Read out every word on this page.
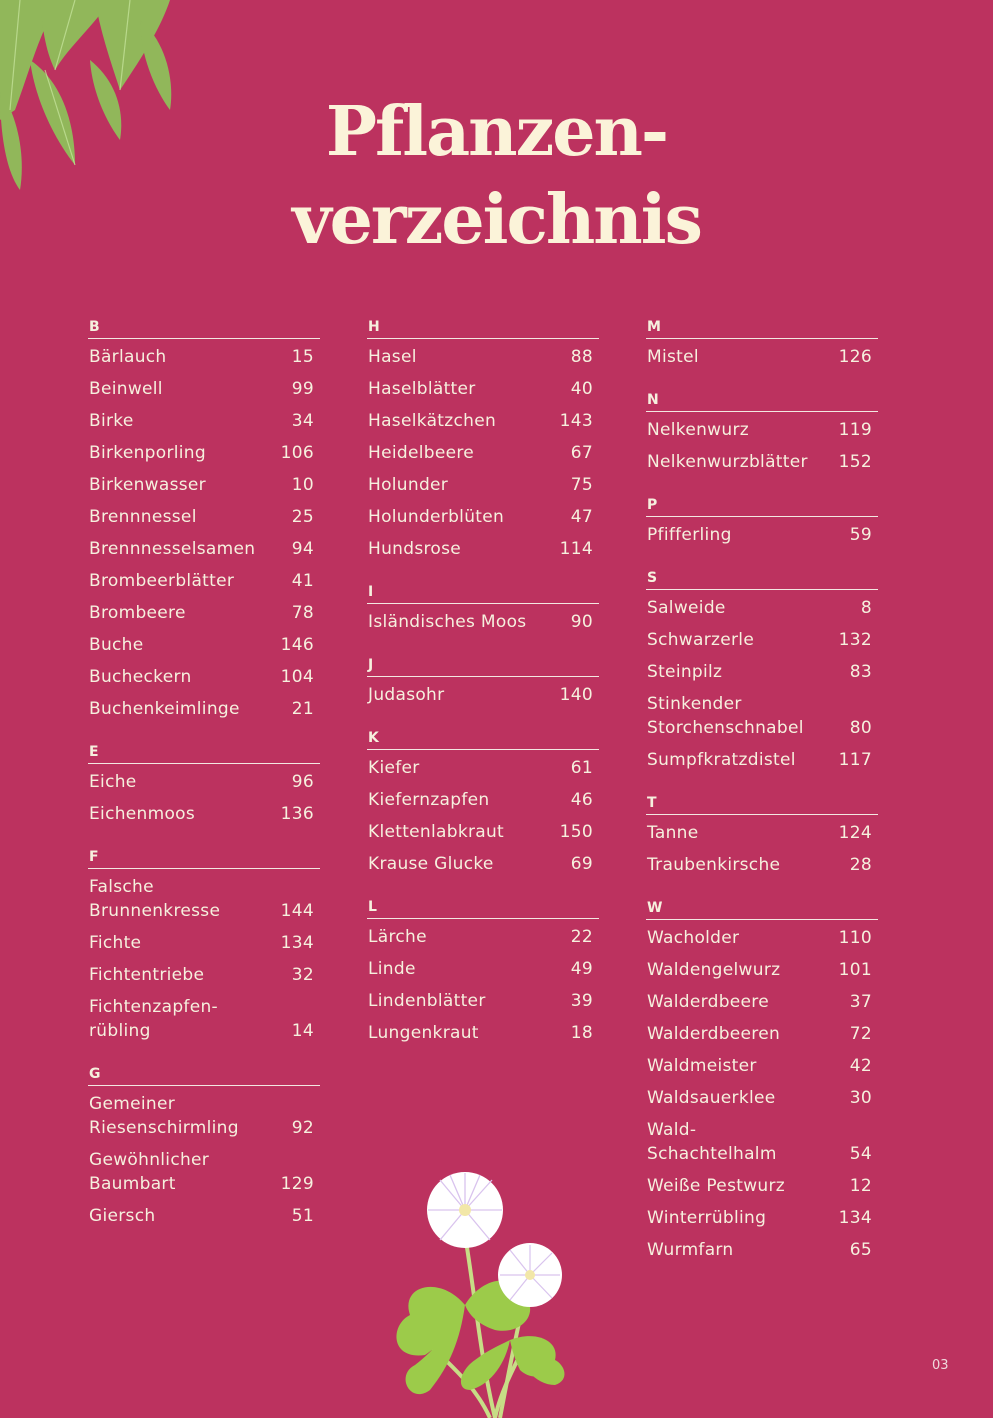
Pflanzen-
verzeichnis
B
Bärlauch	15
Beinwell	99
Birke	34
Birkenporling	106
Birkenwasser	10
Brennnessel	25
Brennnesselsamen 94
Brombeerblätter	41
Brombeere	78
Buche	146
Bucheckern	104
Buchenkeimlinge	21
E
Eiche	96
Eichenmoos	136
F
Falsche Brunnenkresse	144
Fichte	134
Fichtentriebe	32
Fichtenzapfen-rübling	14
G
Gemeiner Riesenschirmling	92
Gewöhnlicher Baumbart	129
Giersch	51
H
Hasel	88
Haselblätter	40
Haselkätzchen	143
Heidelbeere	67
Holunder	75
Holunderblüten	47
Hundsrose	114
I
Isländisches Moos	90
J
Judasohr	140
K
Kiefer	61
Kiefernzapfen	46
Klettenlabkraut	150
Krause Glucke	69
L
Lärche	22
Linde	49
Lindenblätter	39
Lungenkraut	18
M
Mistel	126
N
Nelkenwurz	119
Nelkenwurzblätter 152
P
Pfifferling	59
S
Salweide	8
Schwarzerle	132
Steinpilz	83
Stinkender Storchenschnabel	80
Sumpfkratzdistel	117
T
Tanne	124
Traubenkirsche	28
W
Wacholder	110
Waldengelwurz	101
Walderdbeere	37
Walderdbeeren	72
Waldmeister	42
Waldsauerklee	30
Wald-Schachtelhalm	54
Weiße Pestwurz	12
Winterrübling	134
Wurmfarn	65
03
